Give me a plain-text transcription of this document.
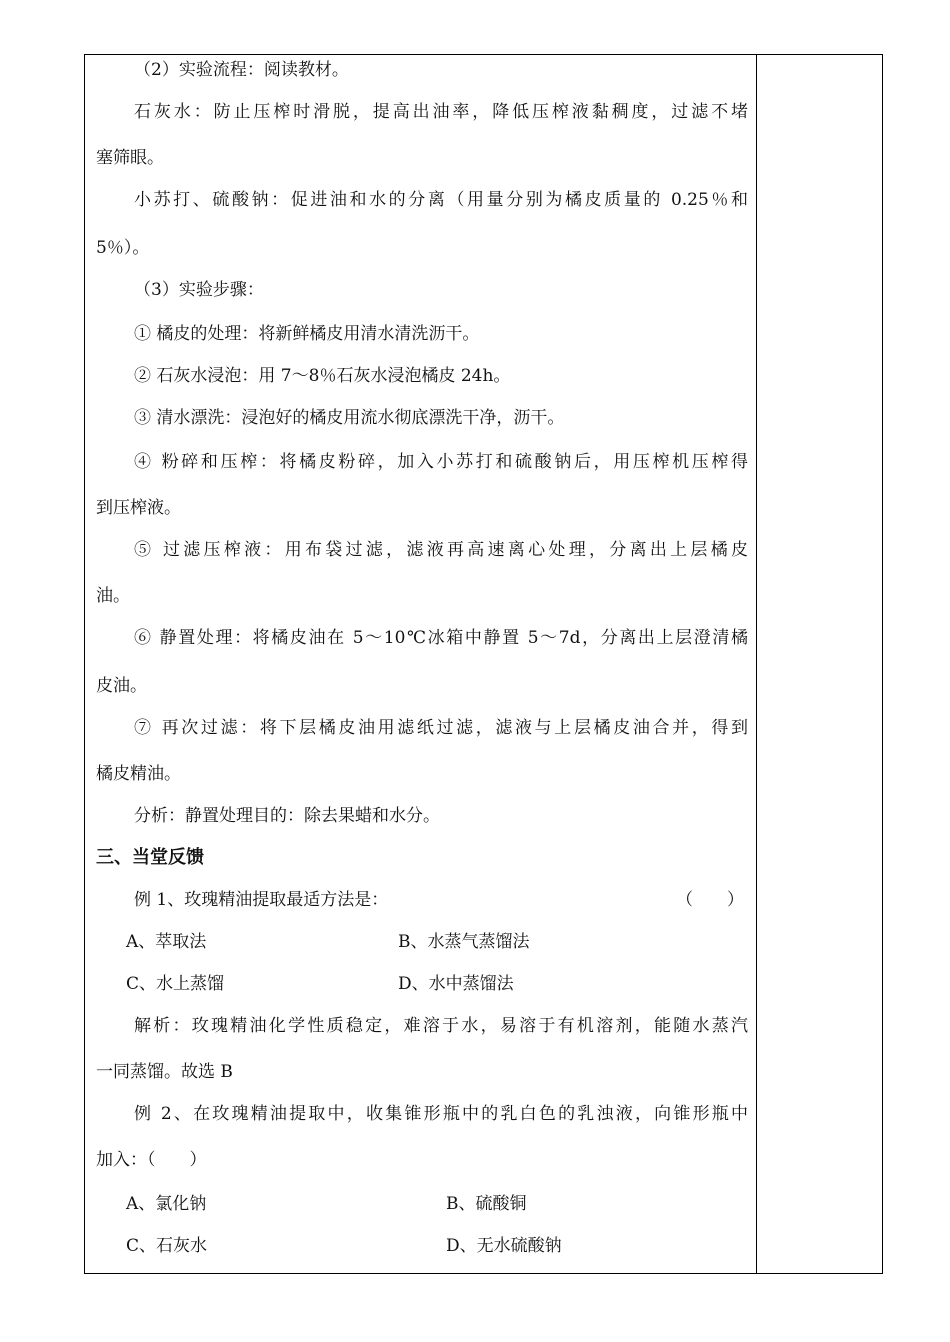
（2）实验流程：阅读教材。
石灰水：防止压榨时滑脱，提高出油率，降低压榨液黏稠度，过滤不堵
塞筛眼。
小苏打、硫酸钠：促进油和水的分离（用量分别为橘皮质量的 0.25％和
5％）。
（3）实验步骤：
① 橘皮的处理：将新鲜橘皮用清水清洗沥干。
② 石灰水浸泡：用 7～8％石灰水浸泡橘皮 24h。
③ 清水漂洗：浸泡好的橘皮用流水彻底漂洗干净，沥干。
④ 粉碎和压榨：将橘皮粉碎，加入小苏打和硫酸钠后，用压榨机压榨得
到压榨液。
⑤ 过滤压榨液：用布袋过滤，滤液再高速离心处理，分离出上层橘皮
油。
⑥ 静置处理：将橘皮油在 5～10℃冰箱中静置 5～7d，分离出上层澄清橘
皮油。
⑦ 再次过滤：将下层橘皮油用滤纸过滤，滤液与上层橘皮油合并，得到
橘皮精油。
分析：静置处理目的：除去果蜡和水分。
三、当堂反馈
例 1、玫瑰精油提取最适方法是：	（　　）
A、萃取法	B、水蒸气蒸馏法
C、水上蒸馏	D、水中蒸馏法
解析：玫瑰精油化学性质稳定，难溶于水，易溶于有机溶剂，能随水蒸汽
一同蒸馏。故选 B
例 2、在玫瑰精油提取中，收集锥形瓶中的乳白色的乳浊液，向锥形瓶中
加入：（　　）
A、氯化钠	B、硫酸铜
C、石灰水	D、无水硫酸钠
